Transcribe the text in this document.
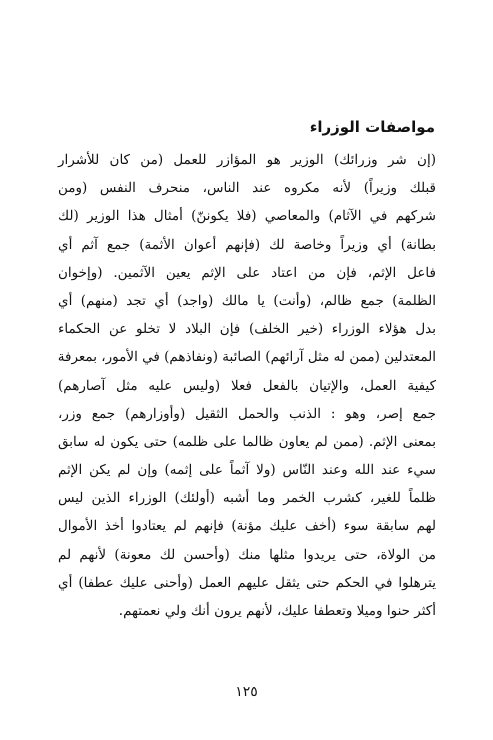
مواصفات الوزراء
(إن شر وزرائك) الوزير هو المؤازر للعمل (من كان للأشرار
قبلك وزيراً) لأنه مكروه عند الناس، منحرف النفس (ومن
شركهم في الآثام) والمعاصي (فلا يكوننّ) أمثال هذا الوزير (لك
بطانة) أي وزيراً وخاصة لك (فإنهم أعوان الأثمة) جمع آثم أي
فاعل الإثم، فإن من اعتاد على الإثم يعين الآثمين. (وإخوان
الظلمة) جمع ظالم، (وأنت) يا مالك (واجد) أي تجد (منهم) أي
بدل هؤلاء الوزراء (خير الخلف) فإن البلاد لا تخلو عن الحكماء
المعتدلين (ممن له مثل آرائهم) الصائبة (ونفاذهم) في الأمور، بمعرفة
كيفية العمل، والإتيان بالفعل فعلا (وليس عليه مثل آصارهم)
جمع إصر، وهو : الذنب والحمل الثقيل (وأوزارهم) جمع وزر،
بمعنى الإثم. (ممن لم يعاون ظالما على ظلمه) حتى يكون له سابق
سيء عند الله وعند النّاس (ولا آثماً على إثمه) وإن لم يكن الإثم
ظلماً للغير، كشرب الخمر وما أشبه (أولئك) الوزراء الذين ليس
لهم سابقة سوء (أخف عليك مؤنة) فإنهم لم يعتادوا أخذ الأموال
من الولاة، حتى يريدوا مثلها منك (وأحسن لك معونة) لأنهم لم
يترهلوا في الحكم حتى يثقل عليهم العمل (وأحنى عليك عطفا) أي
أكثر حنوا وميلا وتعطفا عليك، لأنهم يرون أنك ولي نعمتهم.
١٢٥
